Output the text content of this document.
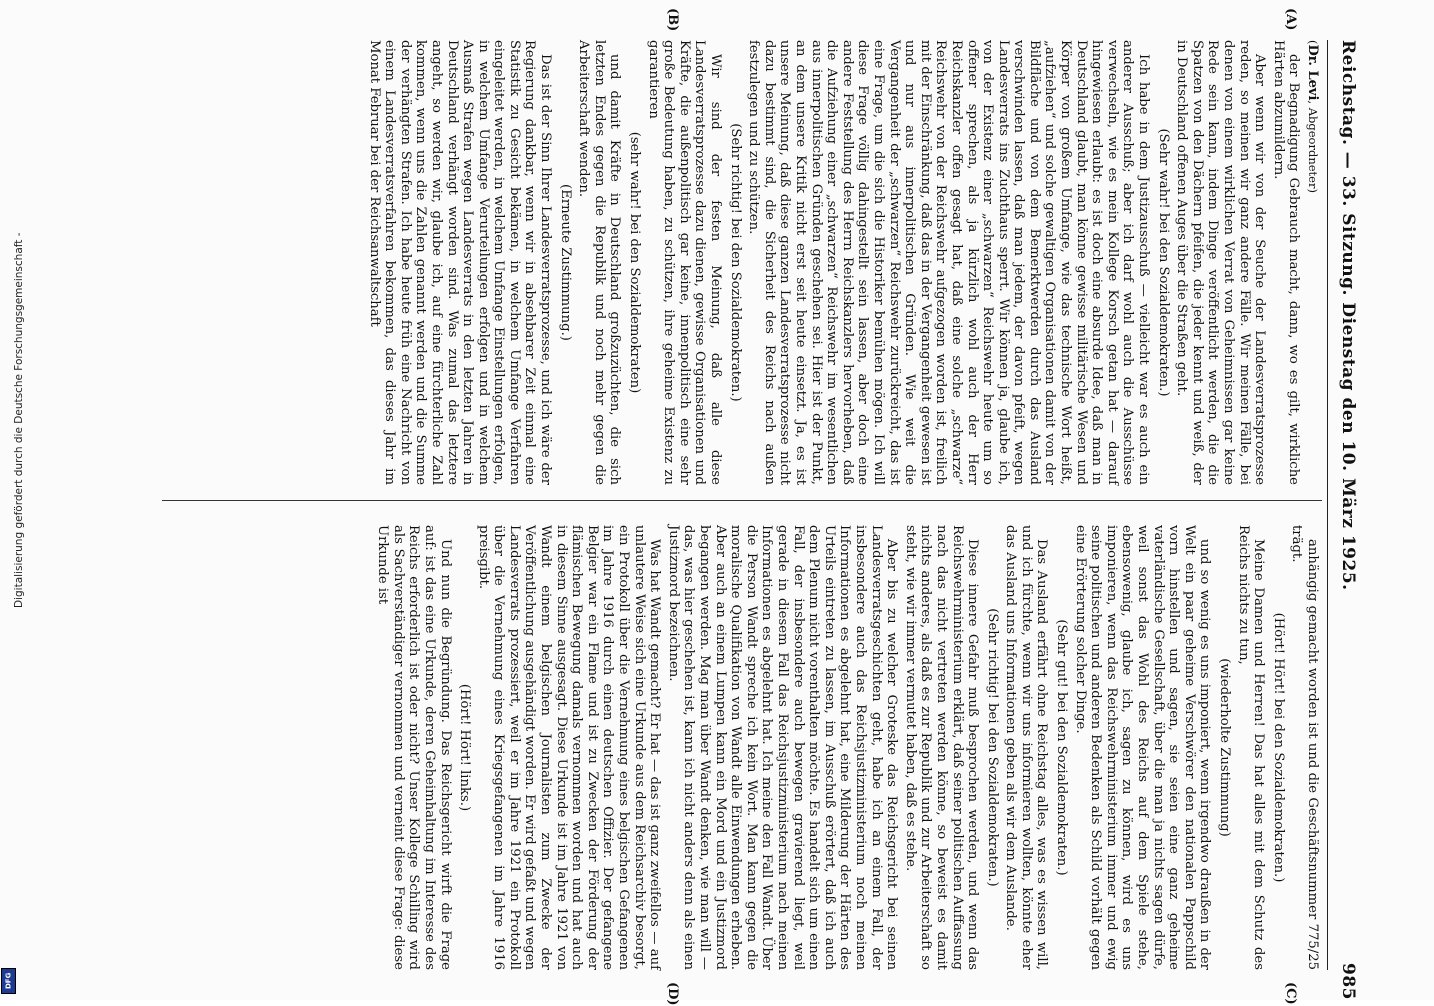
Reichstag. — 33. Sitzung. Dienstag den 10. März 1925.
985
(A)
(B)
(C)
(D)

(Dr. Levi, Abgeordneter)

der Begnadigung Gebrauch macht, dann, wo es gilt, wirkliche Härten abzumildern.

Aber wenn wir von der Seuche der Landesverratsprozesse reden, so meinen wir ganz andere Fälle. Wir meinen Fälle, bei denen von einem wirklichen Verrat von Geheimnissen gar keine Rede sein kann, indem Dinge veröffentlicht werden, die die Spatzen von den Dächern pfeifen, die jeder kennt und weiß, der in Deutschland offenen Auges über die Straßen geht.

(Sehr wahr! bei den Sozialdemokraten.)

Ich habe in dem Justizausschuß — vielleicht war es auch ein anderer Ausschuß; aber ich darf wohl auch die Ausschüsse verwechseln, wie es mein Kollege Korsch getan hat — darauf hingewiesen erlaubt: es ist doch eine absurde Idee, daß man in Deutschland glaubt, man könne gewisse militärische Wesen und Körper von großem Umfange, wie das technische Wort heißt, „aufziehen“ und solche gewaltigen Organisationen damit von der Bildfläche und von dem Bemerktwerden durch das Ausland verschwinden lassen, daß man jedem, der davon pfeift, wegen Landesverrats ins Zuchthaus sperrt. Wir können ja, glaube ich, von der Existenz einer „schwarzen“ Reichswehr heute um so offener sprechen, als ja kürzlich wohl auch der Herr Reichskanzler offen gesagt hat, daß eine solche „schwarze“ Reichswehr von der Reichswehr aufgezogen worden ist, freilich mit der Einschränkung, daß das in der Vergangenheit gewesen ist und nur aus innerpolitischen Gründen. Wie weit die Vergangenheit der „schwarzen“ Reichswehr zurückreicht, das ist eine Frage, um die sich die Historiker bemühen mögen. Ich will diese Frage völlig dahingestellt sein lassen, aber doch eine andere Feststellung des Herrn Reichskanzlers hervorheben, daß die Aufziehung einer „schwarzen“ Reichswehr im wesentlichen aus innerpolitischen Gründen geschehen sei. Hier ist der Punkt, an dem unsere Kritik nicht erst seit heute einsetzt. Ja, es ist unsere Meinung, daß diese ganzen Landesverratsprozesse nicht dazu bestimmt sind, die Sicherheit des Reichs nach außen festzulegen und zu schützen.

(Sehr richtig! bei den Sozialdemokraten.)

Wir sind der festen Meinung, daß alle diese Landesverratsprozesse dazu dienen, gewisse Organisationen und Kräfte, die außenpolitisch gar keine, innenpolitisch eine sehr große Bedeutung haben, zu schützen, ihre geheime Existenz zu garantieren

(sehr wahr! bei den Sozialdemokraten)

und damit Kräfte in Deutschland großzuzüchten, die sich letzten Endes gegen die Republik und noch mehr gegen die Arbeiterschaft wenden.

(Erneute Zustimmung.)

Das ist der Sinn Ihrer Landesverratsprozesse, und ich wäre der Regierung dankbar, wenn wir in absehbarer Zeit einmal eine Statistik zu Gesicht bekämen, in welchem Umfange Verfahren eingeleitet werden, in welchem Umfange Einstellungen erfolgen, in welchem Umfange Verurteilungen erfolgen und in welchem Ausmaß Strafen wegen Landesverrats in den letzten Jahren in Deutschland verhängt worden sind. Was zumal das letztere angeht, so werden wir, glaube ich, auf eine fürchterliche Zahl kommen, wenn uns die Zahlen genannt werden und die Summe der verhängten Strafen. Ich habe heute früh eine Nachricht von einem Landesverratsverfahren bekommen, das dieses Jahr im Monat Februar bei der Reichsanwaltschaft

anhängig gemacht worden ist und die Geschäftsnummer 775/25 trägt.

(Hört! Hört! bei den Sozialdemokraten.)

Meine Damen und Herren! Das hat alles mit dem Schutz des Reichs nichts zu tun,

(wiederholte Zustimmung)

und so wenig es uns imponiert, wenn irgendwo draußen in der Welt ein paar geheime Verschwörer den nationalen Pappschild vorn hinstellen und sagen, sie seien eine ganz geheime vaterländische Gesellschaft, über die man ja nichts sagen dürfe, weil sonst das Wohl des Reichs auf dem Spiele stehe, ebensowenig, glaube ich, sagen zu können, wird es uns imponieren, wenn das Reichswehrministerium immer und ewig seine politischen und anderen Bedenken als Schild vorhält gegen eine Erörterung solcher Dinge.

(Sehr gut! bei den Sozialdemokraten.)

Das Ausland erfährt ohne Reichstag alles, was es wissen will, und ich fürchte, wenn wir uns informieren wollten, könnte eher das Ausland uns Informationen geben als wir dem Auslande.

(Sehr richtig! bei den Sozialdemokraten.)

Diese innere Gefahr muß besprochen werden, und wenn das Reichswehrministerium erklärt, daß seiner politischen Auffassung nach das nicht vertreten werden könne, so beweist es damit nichts anderes, als daß es zur Republik und zur Arbeiterschaft so steht, wie wir immer vermutet haben, daß es stehe.

Aber bis zu welcher Groteske das Reichsgericht bei seinen Landesverratsgeschichten geht, habe ich an einem Fall, der insbesondere auch das Reichsjustizministerium noch meinen Informationen es abgelehnt hat, eine Milderung der Härten des Urteils eintreten zu lassen, im Ausschuß erörtert, daß ich auch dem Plenum nicht vorenthalten möchte. Es handelt sich um einen Fall, der insbesondere auch bewegen gravierend liegt, weil gerade in diesem Fall das Reichsjustizministerium nach meinen Informationen es abgelehnt hat. Ich meine den Fall Wandt. Über die Person Wandt spreche ich kein Wort. Man kann gegen die moralische Qualifikation von Wandt alle Einwendungen erheben. Aber auch an einem Lumpen kann ein Mord und ein Justizmord begangen werden. Mag man über Wandt denken, wie man will — das, was hier geschehen ist, kann ich nicht anders denn als einen Justizmord bezeichnen.

Was hat Wandt gemacht? Er hat — das ist ganz zweifellos — auf unlautere Weise sich eine Urkunde aus dem Reichsarchiv besorgt, ein Protokoll über die Vernehmung eines belgischen Gefangenen im Jahre 1916 durch einen deutschen Offizier. Der gefangene Belgier war ein Flame und ist zu Zwecken der Förderung der flämischen Bewegung damals vernommen worden und hat auch in diesem Sinne ausgesagt. Diese Urkunde ist im Jahre 1921 von Wandt einem belgischen Journalisten zum Zwecke der Veröffentlichung ausgehändigt worden. Er wird gefaßt und wegen Landesverrats prozessiert, weil er im Jahre 1921 ein Protokoll über die Vernehmung eines Kriegsgefangenen im Jahre 1916 preisgibt.

(Hört! Hört! links.)

Und nun die Begründung. Das Reichsgericht wirft die Frage auf: ist das eine Urkunde, deren Geheimhaltung im Interesse des Reichs erforderlich ist oder nicht? Unser Kollege Schilling wird als Sachverständiger vernommen und verneint diese Frage: diese Urkunde ist

Digitalisierung gefördert durch die Deutsche Forschungsgemeinschaft -
DFG
